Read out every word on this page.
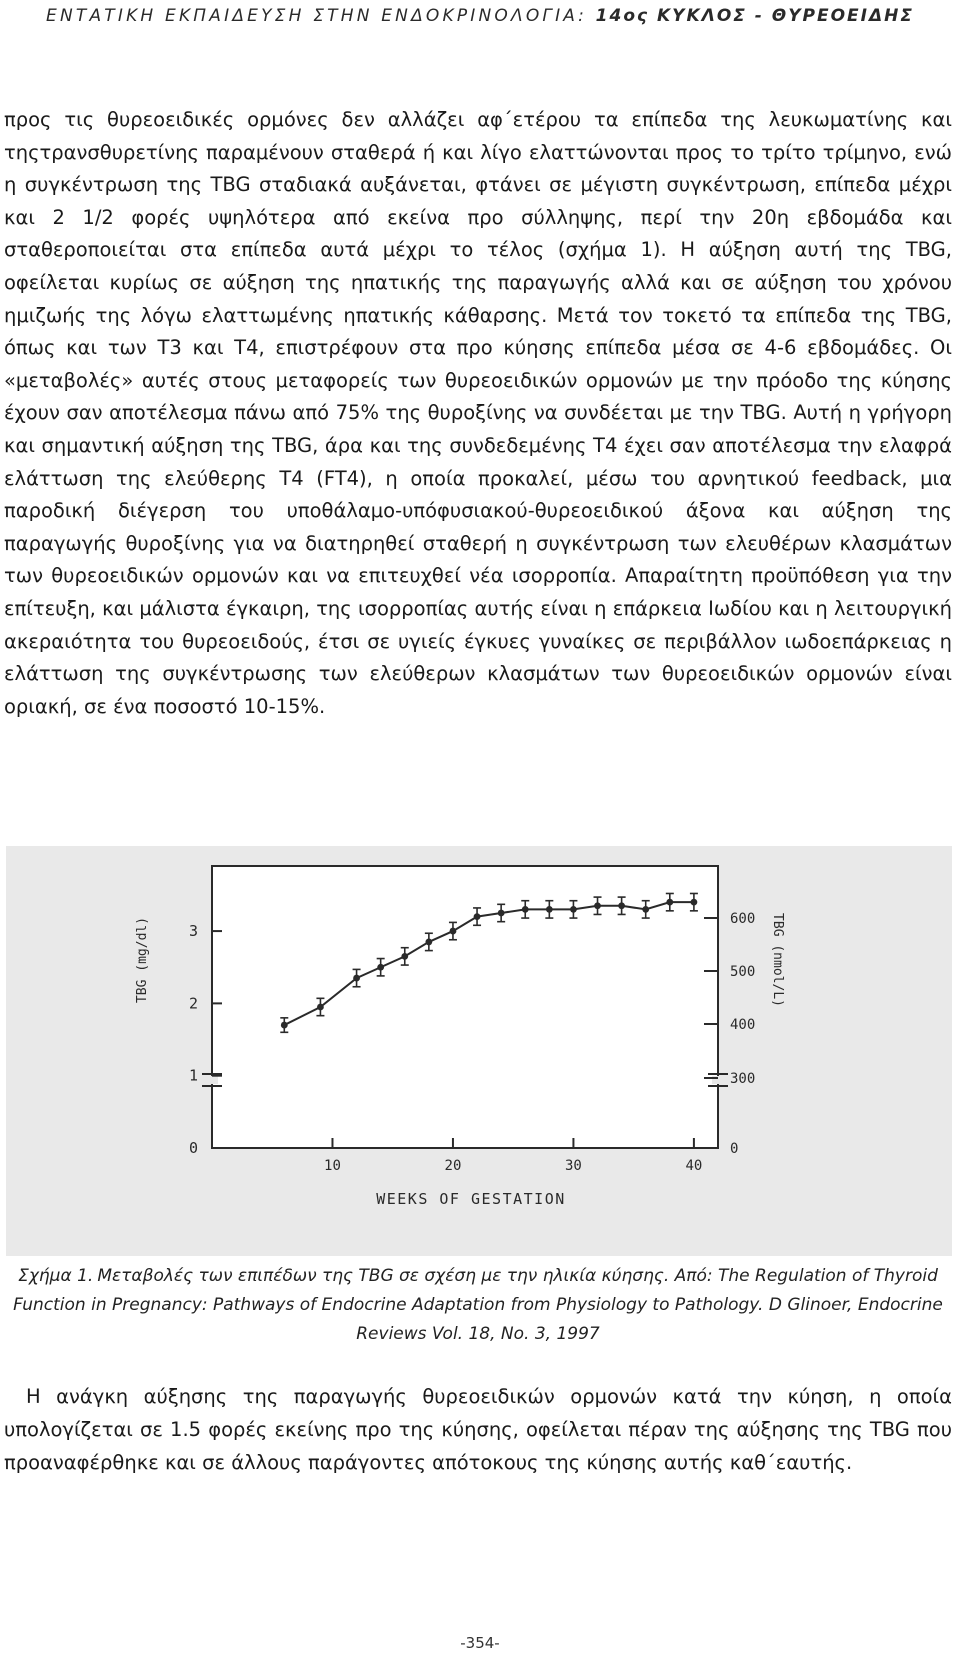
ΕΝΤΑΤΙΚΗ ΕΚΠΑΙΔΕΥΣΗ ΣΤΗΝ ΕΝΔΟΚΡΙΝΟΛΟΓΙΑ: 14ος ΚΥΚΛΟΣ - ΘΥΡΕΟΕΙΔΗΣ

προς τις θυρεοειδικές ορμόνες δεν αλλάζει αφ΄ετέρου τα επίπεδα της λευκωματίνης και τηςτρανσθυρετίνης παραμένουν σταθερά ή και λίγο ελαττώνονται προς το τρίτο τρίμηνο, ενώ η συγκέντρωση της TBG σταδιακά αυξάνεται, φτάνει σε μέγιστη συγκέντρωση, επίπεδα μέχρι και 2 1/2 φορές υψηλότερα από εκείνα προ σύλληψης, περί την 20η εβδομάδα και σταθεροποιείται στα επίπεδα αυτά μέχρι το τέλος (σχήμα 1). Η αύξηση αυτή της TBG, οφείλεται κυρίως σε αύξηση της ηπατικής της παραγωγής αλλά και σε αύξηση του χρόνου ημιζωής της λόγω ελαττωμένης ηπατικής κάθαρσης. Μετά τον τοκετό τα επίπεδα της TBG, όπως και των T3 και T4, επιστρέφουν στα προ κύησης επίπεδα μέσα σε 4-6 εβδομάδες. Οι «μεταβολές» αυτές στους μεταφορείς των θυρεοειδικών ορμονών με την πρόοδο της κύησης έχουν σαν αποτέλεσμα πάνω από 75% της θυροξίνης να συνδέεται με την TBG. Αυτή η γρήγορη και σημαντική αύξηση της TBG, άρα και της συνδεδεμένης T4 έχει σαν αποτέλεσμα την ελαφρά ελάττωση της ελεύθερης T4 (FT4), η οποία προκαλεί, μέσω του αρνητικού feedback, μια παροδική διέγερση του υποθάλαμο-υπόφυσιακού-θυρεοειδικού άξονα και αύξηση της παραγωγής θυροξίνης για να διατηρηθεί σταθερή η συγκέντρωση των ελευθέρων κλασμάτων των θυρεοειδικών ορμονών και να επιτευχθεί νέα ισορροπία. Απαραίτητη προϋπόθεση για την επίτευξη, και μάλιστα έγκαιρη, της ισορροπίας αυτής είναι η επάρκεια Ιωδίου και η λειτουργική ακεραιότητα του θυρεοειδούς, έτσι σε υγιείς έγκυες γυναίκες σε περιβάλλον ιωδοεπάρκειας η ελάττωση της συγκέντρωσης των ελεύθερων κλασμάτων των θυρεοειδικών ορμονών είναι οριακή, σε ένα ποσοστό 10-15%.

0
1
2
3
0
300
400
500
600
10	20	30	40
WEEKS OF GESTATION
TBG (mg/dl)	TBG (nmol/L)
Σχήμα 1. Μεταβολές των επιπέδων της TBG σε σχέση με την ηλικία κύησης. Από: The Regulation of Thyroid Function in Pregnancy: Pathways of Endocrine Adaptation from Physiology to Pathology. D Glinoer, Endocrine Reviews Vol. 18, No. 3, 1997

Η ανάγκη αύξησης της παραγωγής θυρεοειδικών ορμονών κατά την κύηση, η οποία υπολογίζεται σε 1.5 φορές εκείνης προ της κύησης, οφείλεται πέραν της αύξησης της TBG που προαναφέρθηκε και σε άλλους παράγοντες απότοκους της κύησης αυτής καθ΄εαυτής.

-354-
